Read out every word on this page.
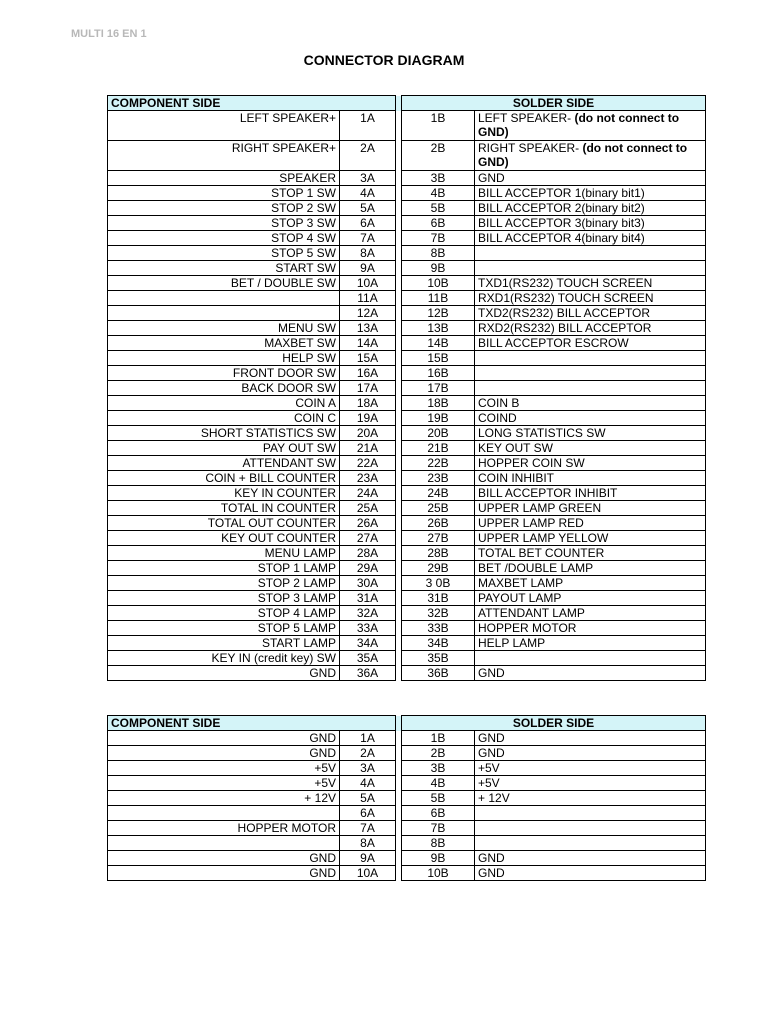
MULTI 16 EN 1
CONNECTOR DIAGRAM
COMPONENT SIDE			SOLDER SIDE	
LEFT SPEAKER+	1A		1B	LEFT SPEAKER- (do not connect to GND)
RIGHT SPEAKER+	2A		2B	RIGHT SPEAKER- (do not connect to GND)
SPEAKER	3A		3B	GND
STOP 1 SW	4A		4B	BILL ACCEPTOR 1(binary bit1)
STOP 2 SW	5A		5B	BILL ACCEPTOR 2(binary bit2)
STOP 3 SW	6A		6B	BILL ACCEPTOR 3(binary bit3)
STOP 4 SW	7A		7B	BILL ACCEPTOR 4(binary bit4)
STOP 5 SW	8A		8B	
START SW	9A		9B	
BET / DOUBLE SW	10A		10B	TXD1(RS232) TOUCH SCREEN
	11A		11B	RXD1(RS232) TOUCH SCREEN
	12A		12B	TXD2(RS232) BILL ACCEPTOR
MENU SW	13A		13B	RXD2(RS232) BILL ACCEPTOR
MAXBET SW	14A		14B	BILL ACCEPTOR ESCROW
HELP SW	15A		15B	
FRONT DOOR SW	16A		16B	
BACK DOOR SW	17A		17B	
COIN A	18A		18B	COIN B
COIN C	19A		19B	COIND
SHORT STATISTICS SW	20A		20B	LONG STATISTICS SW
PAY OUT SW	21A		21B	KEY OUT SW
ATTENDANT SW	22A		22B	HOPPER COIN SW
COIN + BILL COUNTER	23A		23B	COIN INHIBIT
KEY IN COUNTER	24A		24B	BILL ACCEPTOR INHIBIT
TOTAL IN COUNTER	25A		25B	UPPER LAMP GREEN
TOTAL OUT COUNTER	26A		26B	UPPER LAMP RED
KEY OUT COUNTER	27A		27B	UPPER LAMP YELLOW
MENU LAMP	28A		28B	TOTAL BET COUNTER
STOP 1 LAMP	29A		29B	BET /DOUBLE LAMP
STOP 2 LAMP	30A		3 0B	MAXBET LAMP
STOP 3 LAMP	31A		31B	PAYOUT LAMP
STOP 4 LAMP	32A		32B	ATTENDANT LAMP
STOP 5 LAMP	33A		33B	HOPPER MOTOR
START LAMP	34A		34B	HELP LAMP
KEY IN (credit key) SW	35A		35B	
GND	36A		36B	GND
COMPONENT SIDE			SOLDER SIDE	
GND	1A		1B	GND
GND	2A		2B	GND
+5V	3A		3B	+5V
+5V	4A		4B	+5V
+ 12V	5A		5B	+ 12V
	6A		6B	
HOPPER MOTOR	7A		7B	
	8A		8B	
GND	9A		9B	GND
GND	10A		10B	GND
